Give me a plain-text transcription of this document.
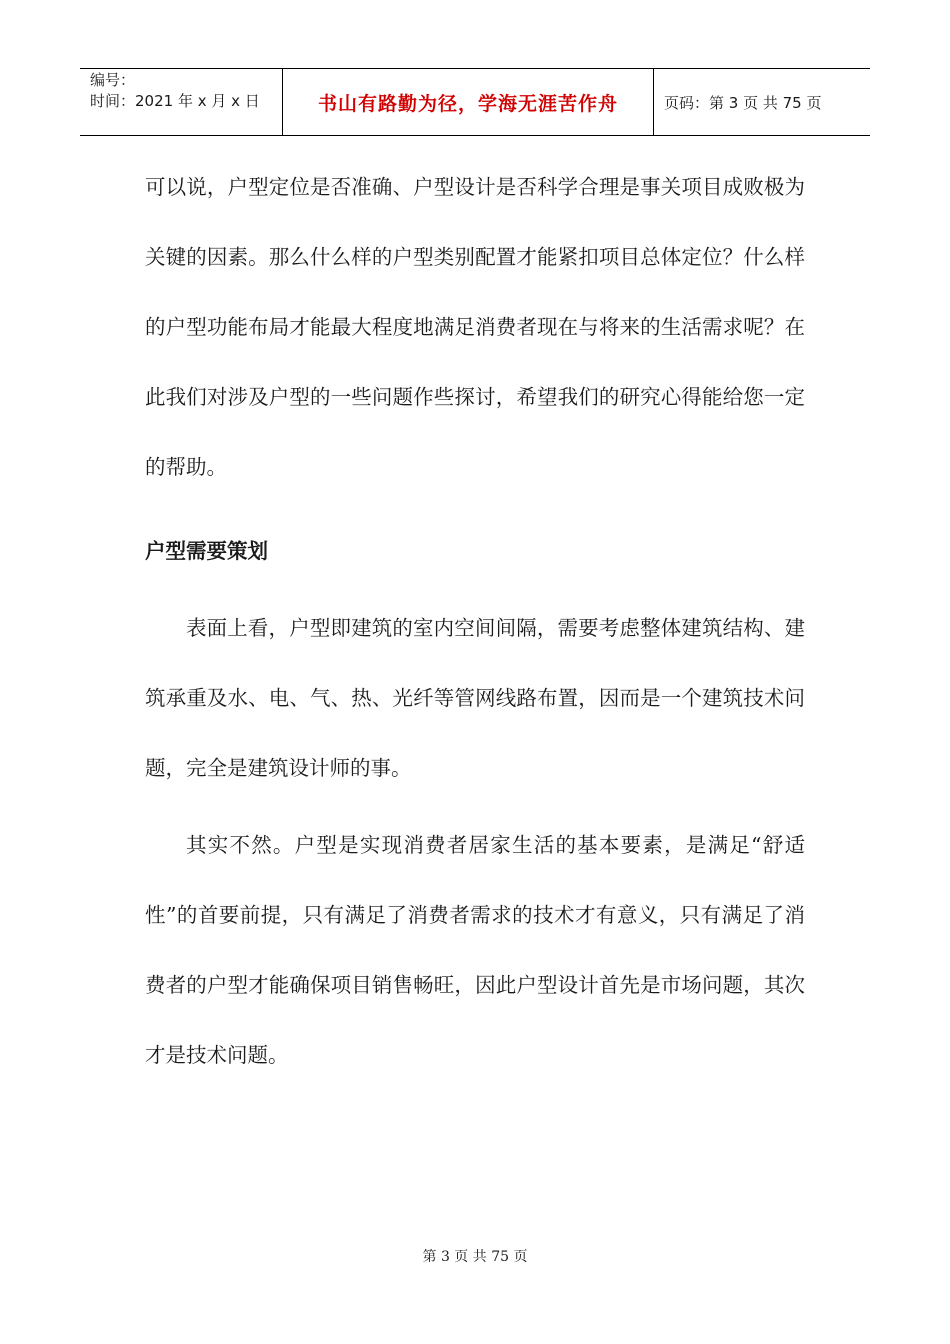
编号：
时间：2021 年 x 月 x 日	书山有路勤为径，学海无涯苦作舟	页码：第 3 页 共 75 页

可以说，户型定位是否准确、户型设计是否科学合理是事关项目成败极为关键的因素。那么什么样的户型类别配置才能紧扣项目总体定位？什么样的户型功能布局才能最大程度地满足消费者现在与将来的生活需求呢？在此我们对涉及户型的一些问题作些探讨，希望我们的研究心得能给您一定的帮助。

户型需要策划

表面上看，户型即建筑的室内空间间隔，需要考虑整体建筑结构、建筑承重及水、电、气、热、光纤等管网线路布置，因而是一个建筑技术问题，完全是建筑设计师的事。

其实不然。户型是实现消费者居家生活的基本要素，是满足“舒适性”的首要前提，只有满足了消费者需求的技术才有意义，只有满足了消费者的户型才能确保项目销售畅旺，因此户型设计首先是市场问题，其次才是技术问题。

第 3 页 共 75 页
